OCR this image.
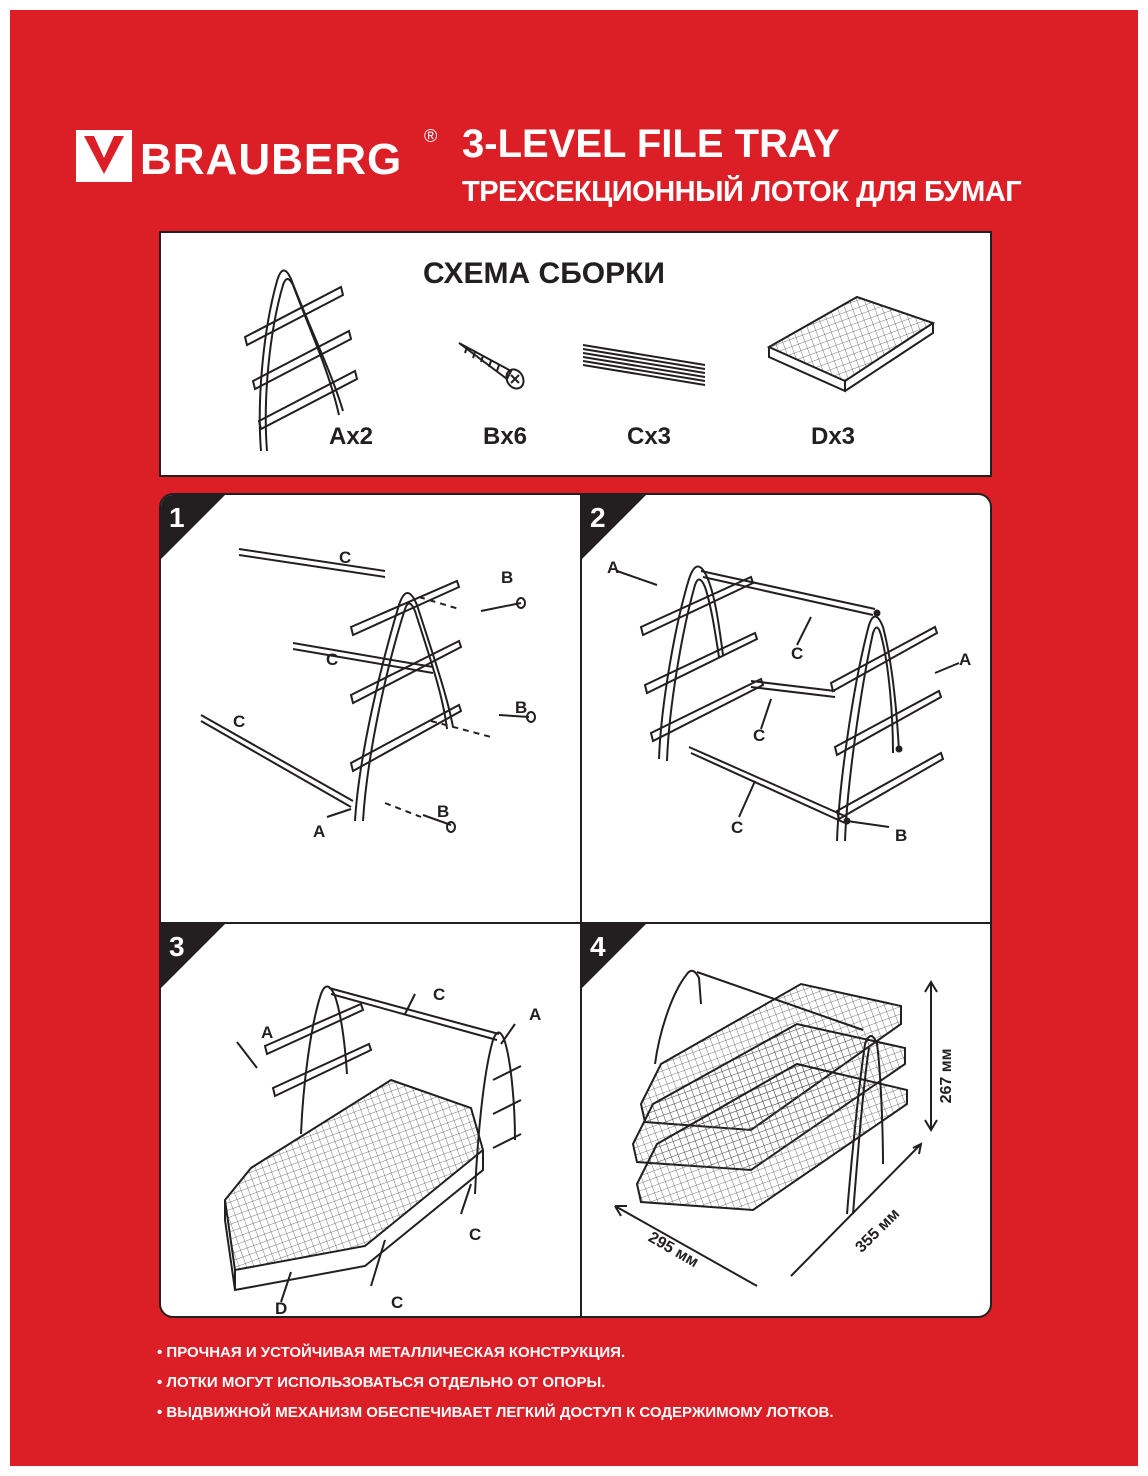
BRAUBERG ® 3-LEVEL FILE TRAY
ТРЕХСЕКЦИОННЫЙ ЛОТОК ДЛЯ БУМАГ
СХЕМА СБОРКИ
Ax2	Bx6	Cx3	Dx3
1
C
B
C
B
C
B
A
2
A
C	A
C
C	B
3
A
C
A
C
C
D
4
267 мм
295 мм	355 мм
• ПРОЧНАЯ И УСТОЙЧИВАЯ МЕТАЛЛИЧЕСКАЯ КОНСТРУКЦИЯ.
• ЛОТКИ МОГУТ ИСПОЛЬЗОВАТЬСЯ ОТДЕЛЬНО ОТ ОПОРЫ.
• ВЫДВИЖНОЙ МЕХАНИЗМ ОБЕСПЕЧИВАЕТ ЛЕГКИЙ ДОСТУП К СОДЕРЖИМОМУ ЛОТКОВ.
